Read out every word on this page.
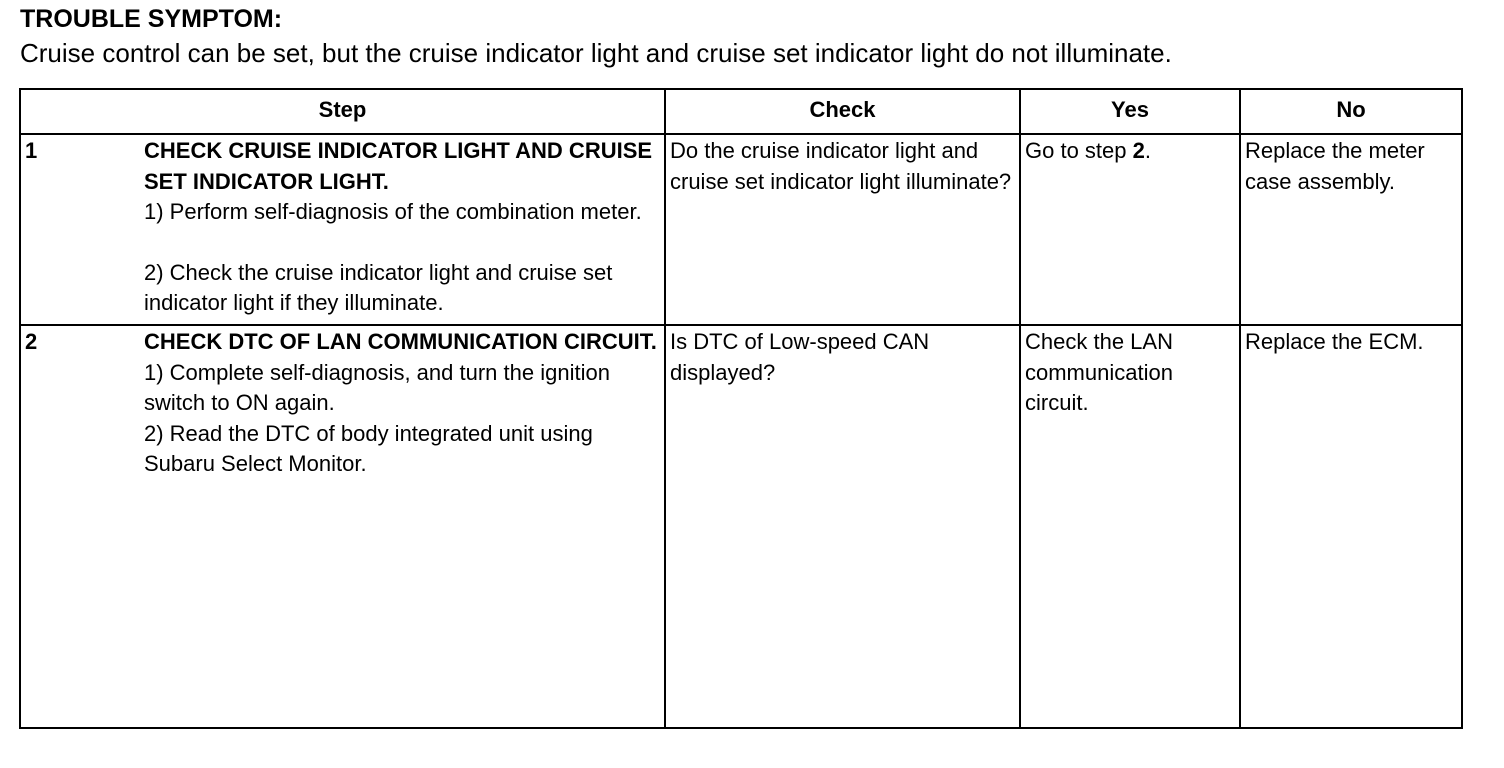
TROUBLE SYMPTOM:
Cruise control can be set, but the cruise indicator light and cruise set indicator light do not illuminate.
Step	Check	Yes	No

1 CHECK CRUISE INDICATOR LIGHT AND CRUISE SET INDICATOR LIGHT.
1) Perform self-diagnosis of the combination meter.
2) Check the cruise indicator light and cruise set indicator light if they illuminate.	Do the cruise indicator light and cruise set indicator light illuminate?	Go to step 2.	Replace the meter case assembly.

2 CHECK DTC OF LAN COMMUNICATION CIRCUIT.
1) Complete self-diagnosis, and turn the ignition switch to ON again.
2) Read the DTC of body integrated unit using Subaru Select Monitor.	Is DTC of Low-speed CAN displayed?	Check the LAN communication circuit.	Replace the ECM.
